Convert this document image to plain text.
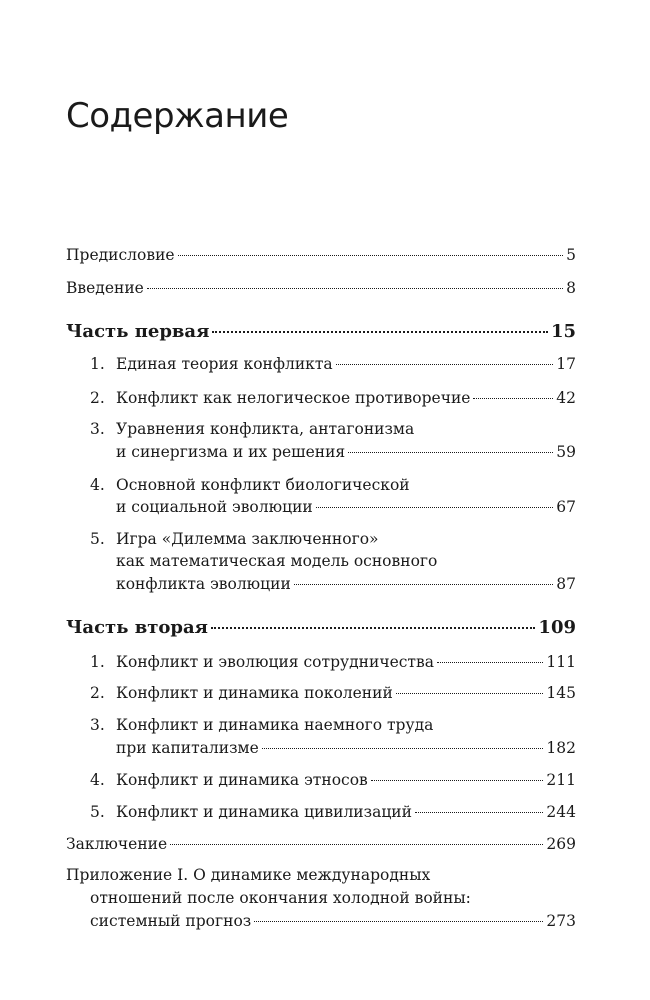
Содержание
Предисловие	5
Введение	8
Часть первая	15
1. Единая теория конфликта	17
2. Конфликт как нелогическое противоречие	42
3. Уравнения конфликта, антагонизма
и синергизма и их решения	59
4. Основной конфликт биологической
и социальной эволюции	67
5. Игра «Дилемма заключенного»
как математическая модель основного
конфликта эволюции	87
Часть вторая	109
1. Конфликт и эволюция сотрудничества	111
2. Конфликт и динамика поколений	145
3. Конфликт и динамика наемного труда
при капитализме	182
4. Конфликт и динамика этносов	211
5. Конфликт и динамика цивилизаций	244
Заключение	269
Приложение I. О динамике международных
отношений после окончания холодной войны:
системный прогноз	273
